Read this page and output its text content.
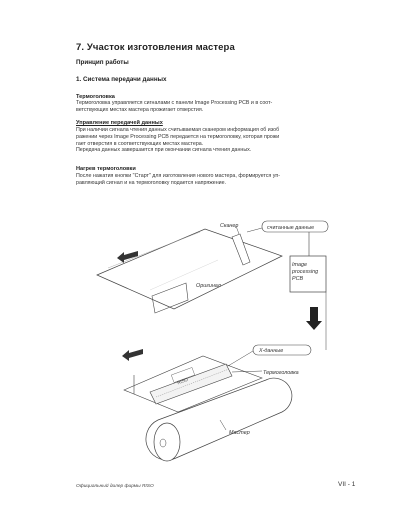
7. Участок изготовления мастера
Принцип работы
1. Система передачи данных
Термоголовка
Термоголовка управляется сигналами с панели Image Processing PCB и в соот-
ветствующих местах мастера прожигает отверстия.
Управление передачей данных
При наличии сигнала чтения данных считываемая сканером информация об изоб
ражении через Image Processing PCB передается на термоголовку, которая прожи
гает отверстия в соответствующих местах мастера.
Передача данных завершается при окончании сигнала чтения данных.
Нагрев термоголовки
После нажатия кнопки "Старт" для изготовления нового мастера, формируется уп-
равляющий сигнал и на термоголовку подается напряжение.
RISO
Сканер	считанные данные
Image processing PCB
Оригинал
X-данные
Термоголовка
Мастер
Официальный дилер фирмы RISO	VII - 1
